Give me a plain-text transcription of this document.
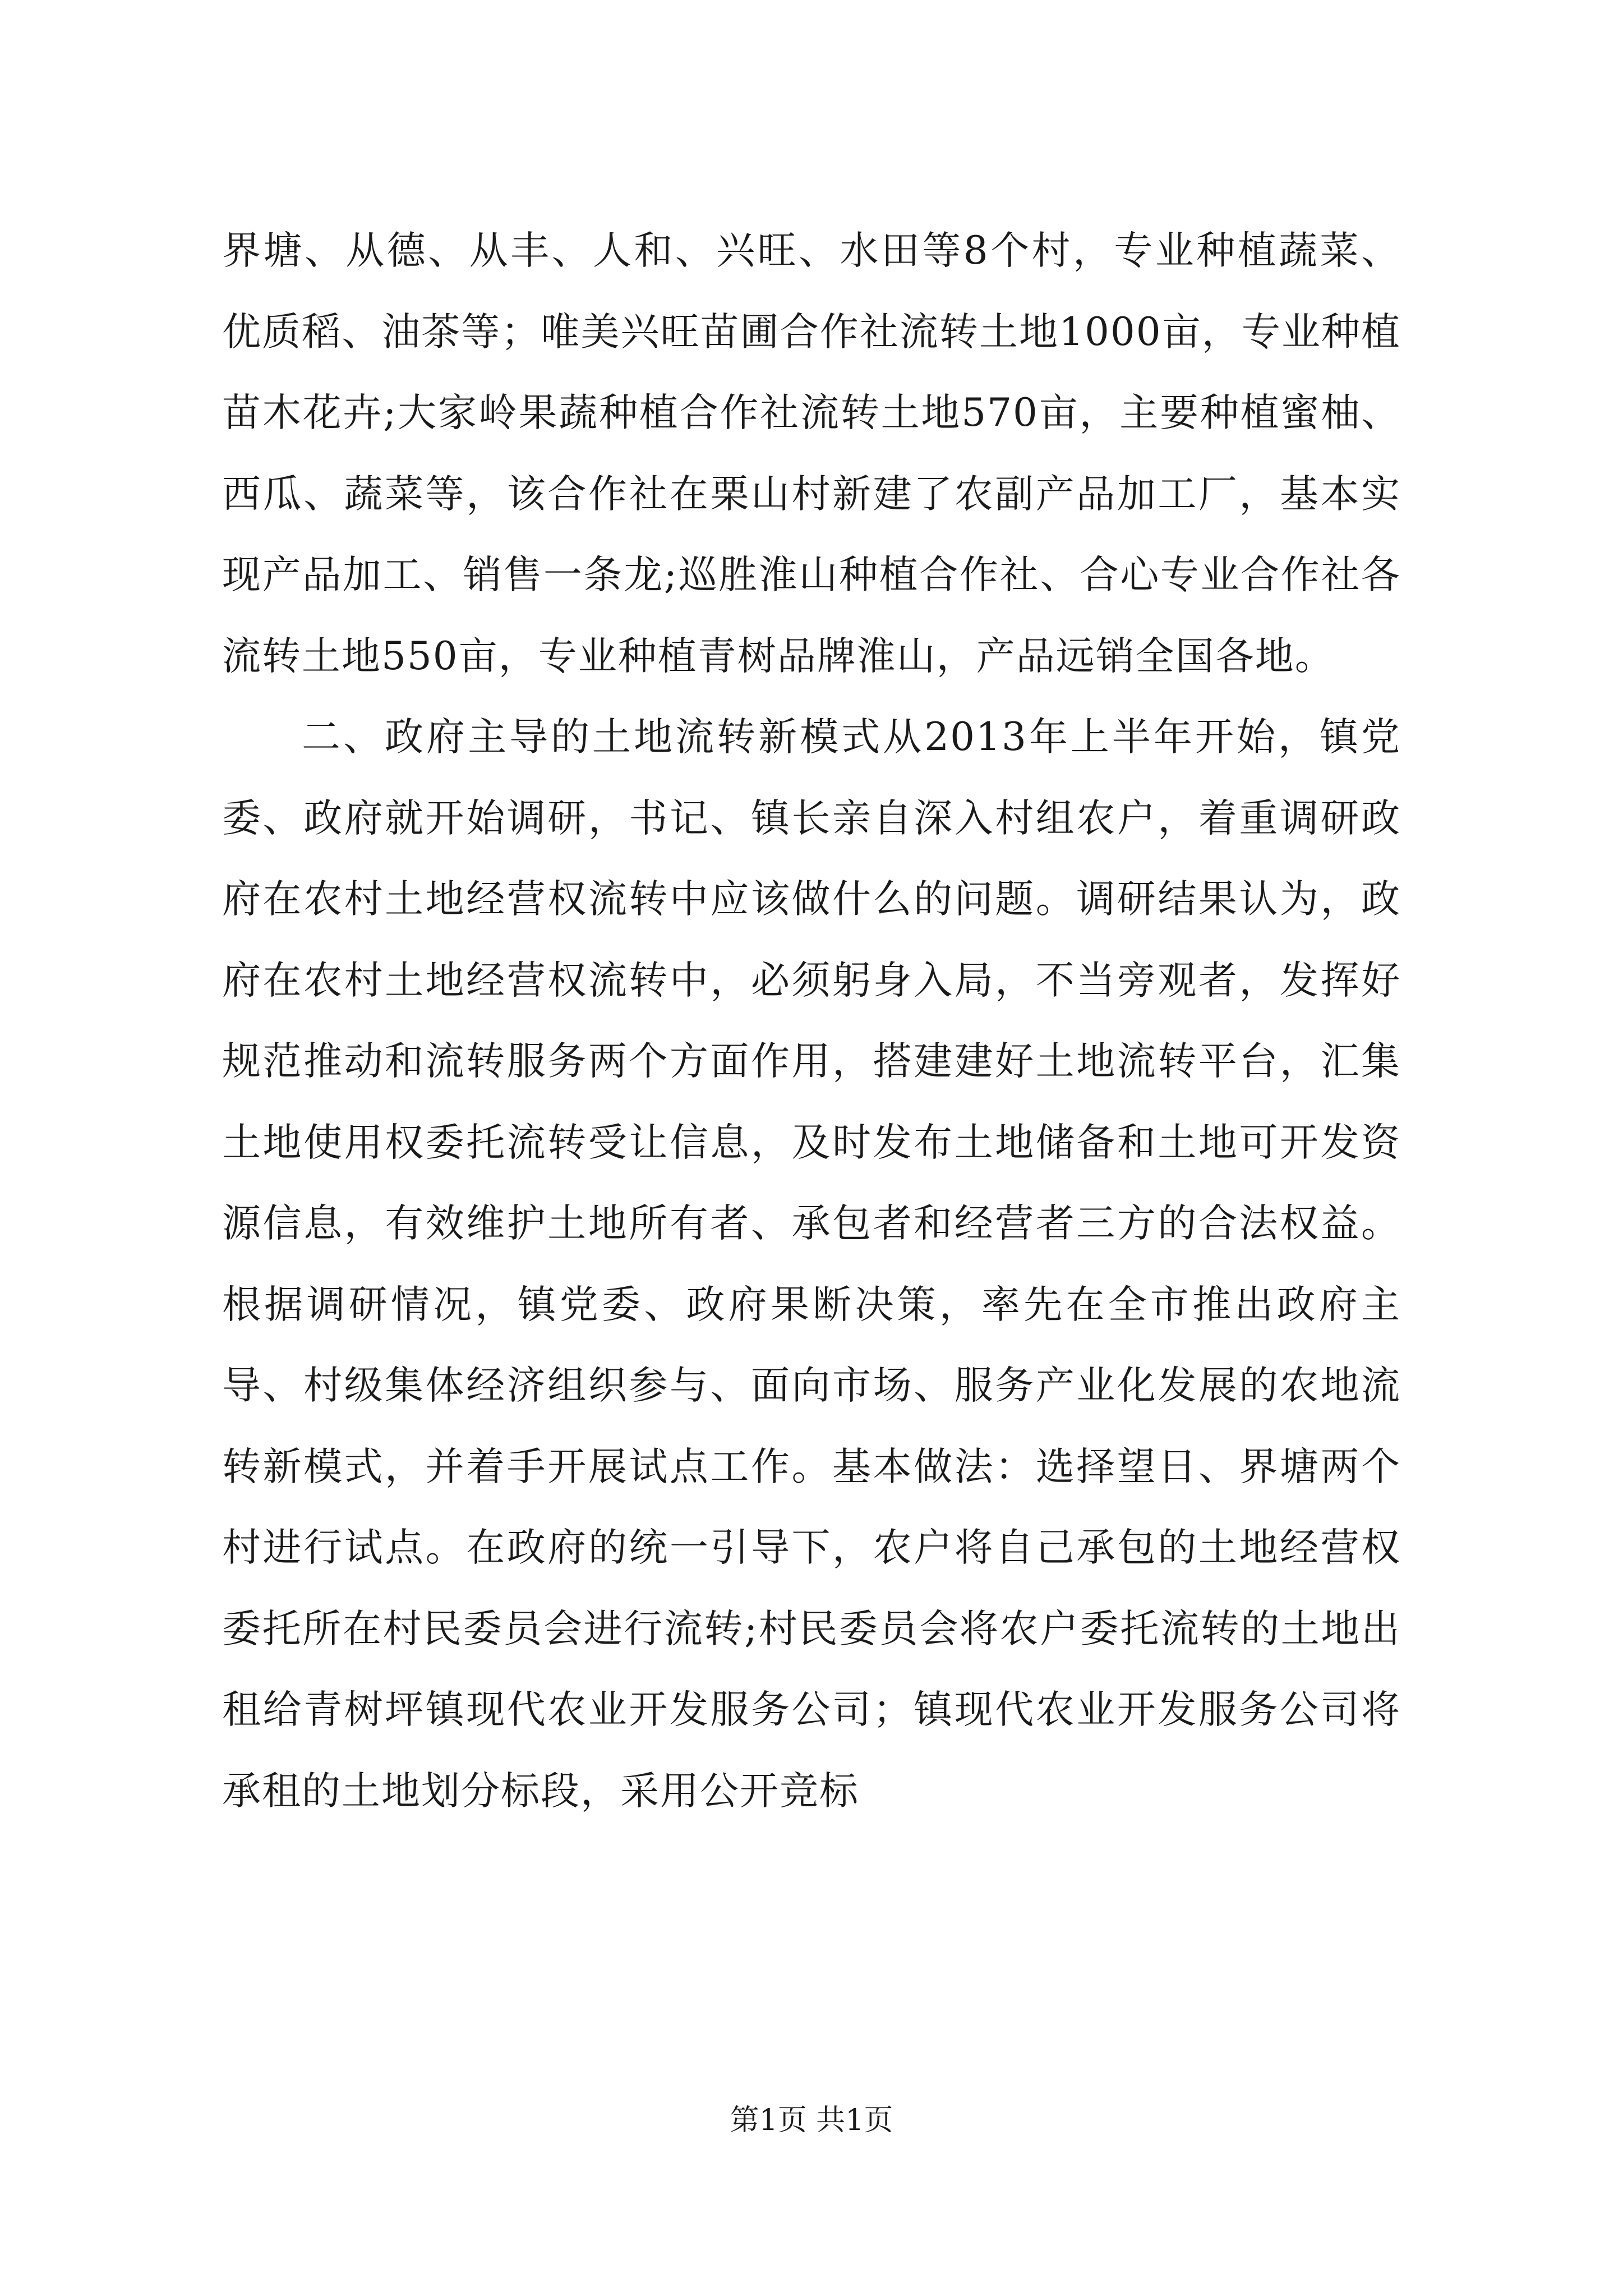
界塘、从德、从丰、人和、兴旺、水田等8个村，专业种植蔬菜、优质稻、油茶等；唯美兴旺苗圃合作社流转土地1000亩，专业种植苗木花卉;大家岭果蔬种植合作社流转土地570亩，主要种植蜜柚、西瓜、蔬菜等，该合作社在栗山村新建了农副产品加工厂，基本实现产品加工、销售一条龙;巡胜淮山种植合作社、合心专业合作社各流转土地550亩，专业种植青树品牌淮山，产品远销全国各地。

二、政府主导的土地流转新模式从2013年上半年开始，镇党委、政府就开始调研，书记、镇长亲自深入村组农户，着重调研政府在农村土地经营权流转中应该做什么的问题。调研结果认为，政府在农村土地经营权流转中，必须躬身入局，不当旁观者，发挥好规范推动和流转服务两个方面作用，搭建建好土地流转平台，汇集土地使用权委托流转受让信息，及时发布土地储备和土地可开发资源信息，有效维护土地所有者、承包者和经营者三方的合法权益。根据调研情况，镇党委、政府果断决策，率先在全市推出政府主导、村级集体经济组织参与、面向市场、服务产业化发展的农地流转新模式，并着手开展试点工作。基本做法：选择望日、界塘两个村进行试点。在政府的统一引导下，农户将自己承包的土地经营权委托所在村民委员会进行流转;村民委员会将农户委托流转的土地出租给青树坪镇现代农业开发服务公司；镇现代农业开发服务公司将承租的土地划分标段，采用公开竞标

第1页 共1页
